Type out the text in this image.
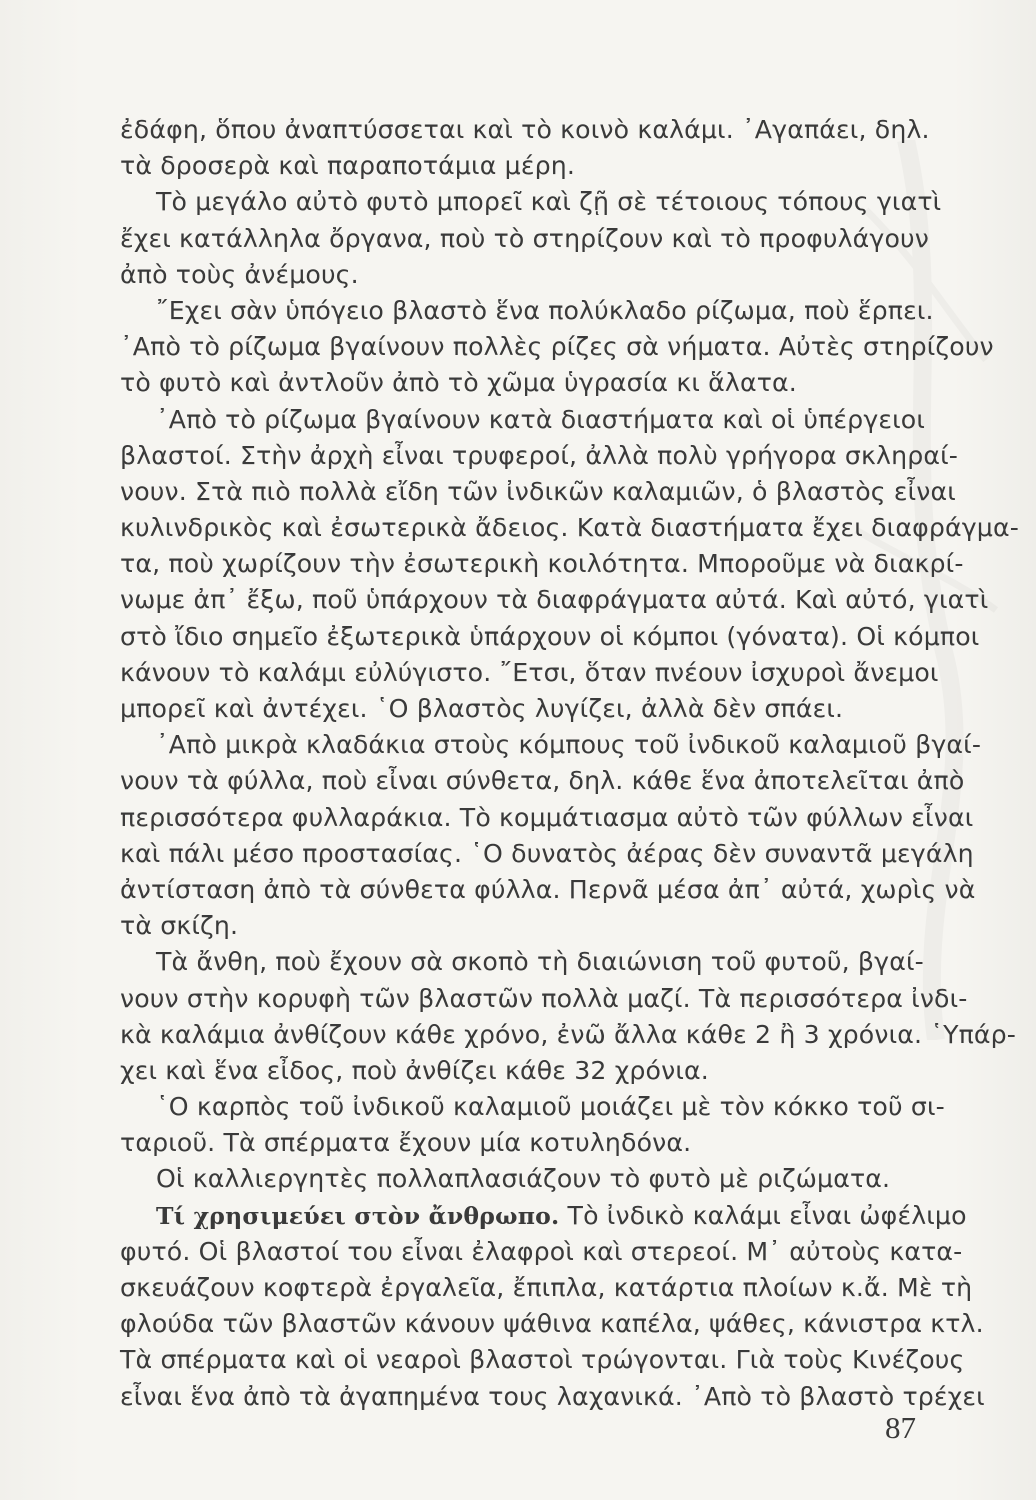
ἐδάφη, ὅπου ἀναπτύσσεται καὶ τὸ κοινὸ καλάμι. ᾿Αγαπάει, δηλ.
τὰ δροσερὰ καὶ παραποτάμια μέρη.
Τὸ μεγάλο αὐτὸ φυτὸ μπορεῖ καὶ ζῇ σὲ τέτοιους τόπους γιατὶ
ἔχει κατάλληλα ὄργανα, ποὺ τὸ στηρίζουν καὶ τὸ προφυλάγουν
ἀπὸ τοὺς ἀνέμους.
῎Εχει σὰν ὑπόγειο βλαστὸ ἕνα πολύκλαδο ρίζωμα, ποὺ ἕρπει.
᾿Απὸ τὸ ρίζωμα βγαίνουν πολλὲς ρίζες σὰ νήματα. Αὐτὲς στηρίζουν
τὸ φυτὸ καὶ ἀντλοῦν ἀπὸ τὸ χῶμα ὑγρασία κι ἅλατα.
᾿Απὸ τὸ ρίζωμα βγαίνουν κατὰ διαστήματα καὶ οἱ ὑπέργειοι
βλαστοί. Στὴν ἀρχὴ εἶναι τρυφεροί, ἀλλὰ πολὺ γρήγορα σκληραί-
νουν. Στὰ πιὸ πολλὰ εἴδη τῶν ἰνδικῶν καλαμιῶν, ὁ βλαστὸς εἶναι
κυλινδρικὸς καὶ ἐσωτερικὰ ἄδειος. Κατὰ διαστήματα ἔχει διαφράγμα-
τα, ποὺ χωρίζουν τὴν ἐσωτερικὴ κοιλότητα. Μποροῦμε νὰ διακρί-
νωμε ἀπ᾿ ἔξω, ποῦ ὑπάρχουν τὰ διαφράγματα αὐτά. Καὶ αὐτό, γιατὶ
στὸ ἴδιο σημεῖο ἐξωτερικὰ ὑπάρχουν οἱ κόμποι (γόνατα). Οἱ κόμποι
κάνουν τὸ καλάμι εὐλύγιστο. ῎Ετσι, ὅταν πνέουν ἰσχυροὶ ἄνεμοι
μπορεῖ καὶ ἀντέχει. ῾Ο βλαστὸς λυγίζει, ἀλλὰ δὲν σπάει.
᾿Απὸ μικρὰ κλαδάκια στοὺς κόμπους τοῦ ἰνδικοῦ καλαμιοῦ βγαί-
νουν τὰ φύλλα, ποὺ εἶναι σύνθετα, δηλ. κάθε ἕνα ἀποτελεῖται ἀπὸ
περισσότερα φυλλαράκια. Τὸ κομμάτιασμα αὐτὸ τῶν φύλλων εἶναι
καὶ πάλι μέσο προστασίας. ῾Ο δυνατὸς ἀέρας δὲν συναντᾶ μεγάλη
ἀντίσταση ἀπὸ τὰ σύνθετα φύλλα. Περνᾶ μέσα ἀπ᾿ αὐτά, χωρὶς νὰ
τὰ σκίζη.
Τὰ ἄνθη, ποὺ ἔχουν σὰ σκοπὸ τὴ διαιώνιση τοῦ φυτοῦ, βγαί-
νουν στὴν κορυφὴ τῶν βλαστῶν πολλὰ μαζί. Τὰ περισσότερα ἰνδι-
κὰ καλάμια ἀνθίζουν κάθε χρόνο, ἐνῶ ἄλλα κάθε 2 ἢ 3 χρόνια. ῾Υπάρ-
χει καὶ ἕνα εἶδος, ποὺ ἀνθίζει κάθε 32 χρόνια.
῾Ο καρπὸς τοῦ ἰνδικοῦ καλαμιοῦ μοιάζει μὲ τὸν κόκκο τοῦ σι-
ταριοῦ. Τὰ σπέρματα ἔχουν μία κοτυληδόνα.
Οἱ καλλιεργητὲς πολλαπλασιάζουν τὸ φυτὸ μὲ ριζώματα.
Τί χρησιμεύει στὸν ἄνθρωπο. Τὸ ἰνδικὸ καλάμι εἶναι ὠφέλιμο
φυτό. Οἱ βλαστοί του εἶναι ἐλαφροὶ καὶ στερεοί. Μ᾿ αὐτοὺς κατα-
σκευάζουν κοφτερὰ ἐργαλεῖα, ἔπιπλα, κατάρτια πλοίων κ.ἄ. Μὲ τὴ
φλούδα τῶν βλαστῶν κάνουν ψάθινα καπέλα, ψάθες, κάνιστρα κτλ.
Τὰ σπέρματα καὶ οἱ νεαροὶ βλαστοὶ τρώγονται. Γιὰ τοὺς Κινέζους
εἶναι ἕνα ἀπὸ τὰ ἀγαπημένα τους λαχανικά. ᾿Απὸ τὸ βλαστὸ τρέχει
87
